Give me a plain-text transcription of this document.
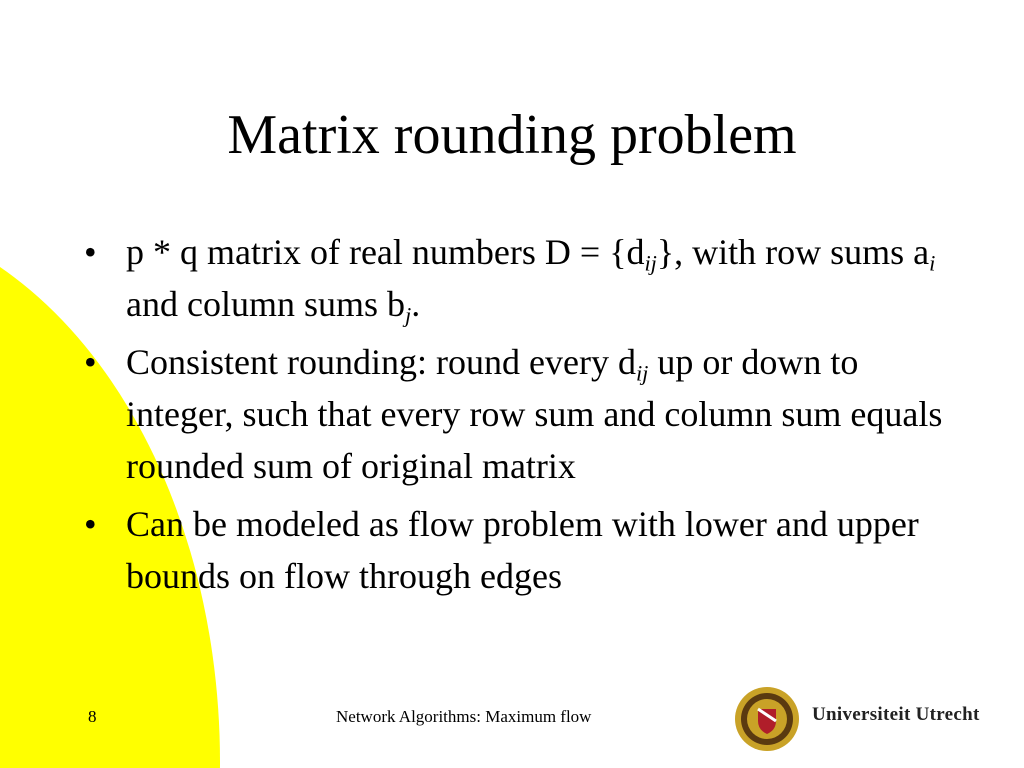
Matrix rounding problem
• p * q matrix of real numbers $D = \{d_{ij}\}$, with row sums $a_i$ and column sums $b_j$.
• Consistent rounding: round every $d_{ij}$ up or down to integer, such that every row sum and column sum equals rounded sum of original matrix
• Can be modeled as flow problem with lower and upper bounds on flow through edges
8	Network Algorithms: Maximum flow	Universiteit Utrecht
